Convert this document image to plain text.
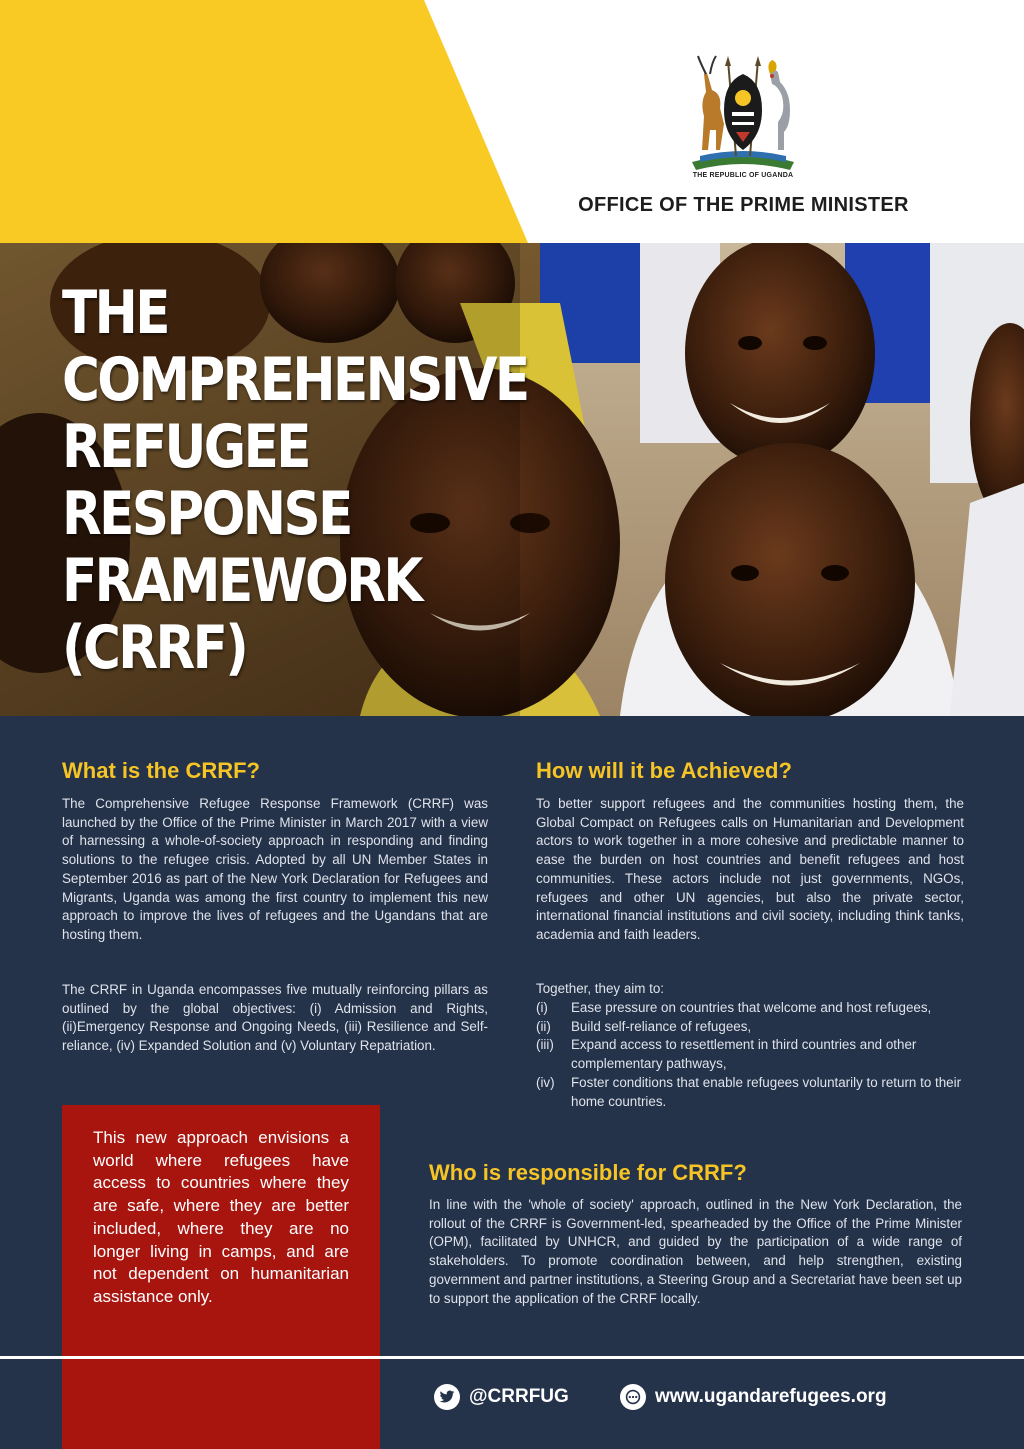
THE REPUBLIC OF UGANDA
OFFICE OF THE PRIME MINISTER
THE
COMPREHENSIVE
REFUGEE
RESPONSE
FRAMEWORK
(CRRF)
What is the CRRF?

The Comprehensive Refugee Response Framework (CRRF) was launched by the Office of the Prime Minister in March 2017 with a view of harnessing a whole-of-society approach in responding and finding solutions to the refugee crisis. Adopted by all UN Member States in September 2016 as part of the New York Declaration for Refugees and Migrants, Uganda was among the first country to implement this new approach to improve the lives of refugees and the Ugandans that are hosting them.

The CRRF in Uganda encompasses five mutually reinforcing pillars as outlined by the global objectives: (i) Admission and Rights, (ii)Emergency Response and Ongoing Needs, (iii) Resilience and Self-reliance, (iv) Expanded Solution and (v) Voluntary Repatriation.

How will it be Achieved?

To better support refugees and the communities hosting them, the Global Compact on Refugees calls on Humanitarian and Development actors to work together in a more cohesive and predictable manner to ease the burden on host countries and benefit refugees and host communities. These actors include not just governments, NGOs, refugees and other UN agencies, but also the private sector, international financial institutions and civil society, including think tanks, academia and faith leaders.

Together, they aim to:

(i)	Ease pressure on countries that welcome and host refugees,
(ii)	Build self-reliance of refugees,
(iii)	Expand access to resettlement in third countries and other complementary pathways,
(iv)	Foster conditions that enable refugees voluntarily to return to their home countries.

This new approach envisions a world where refugees have access to countries where they are safe, where they are better included, where they are no longer living in camps, and are not dependent on humanitarian assistance only.

Who is responsible for CRRF?

In line with the 'whole of society' approach, outlined in the New York Declaration, the rollout of the CRRF is Government-led, spearheaded by the Office of the Prime Minister (OPM), facilitated by UNHCR, and guided by the participation of a wide range of stakeholders. To promote coordination between, and help strengthen, existing government and partner institutions, a Steering Group and a Secretariat have been set up to support the application of the CRRF locally.

@CRRFUG	www.ugandarefugees.org
